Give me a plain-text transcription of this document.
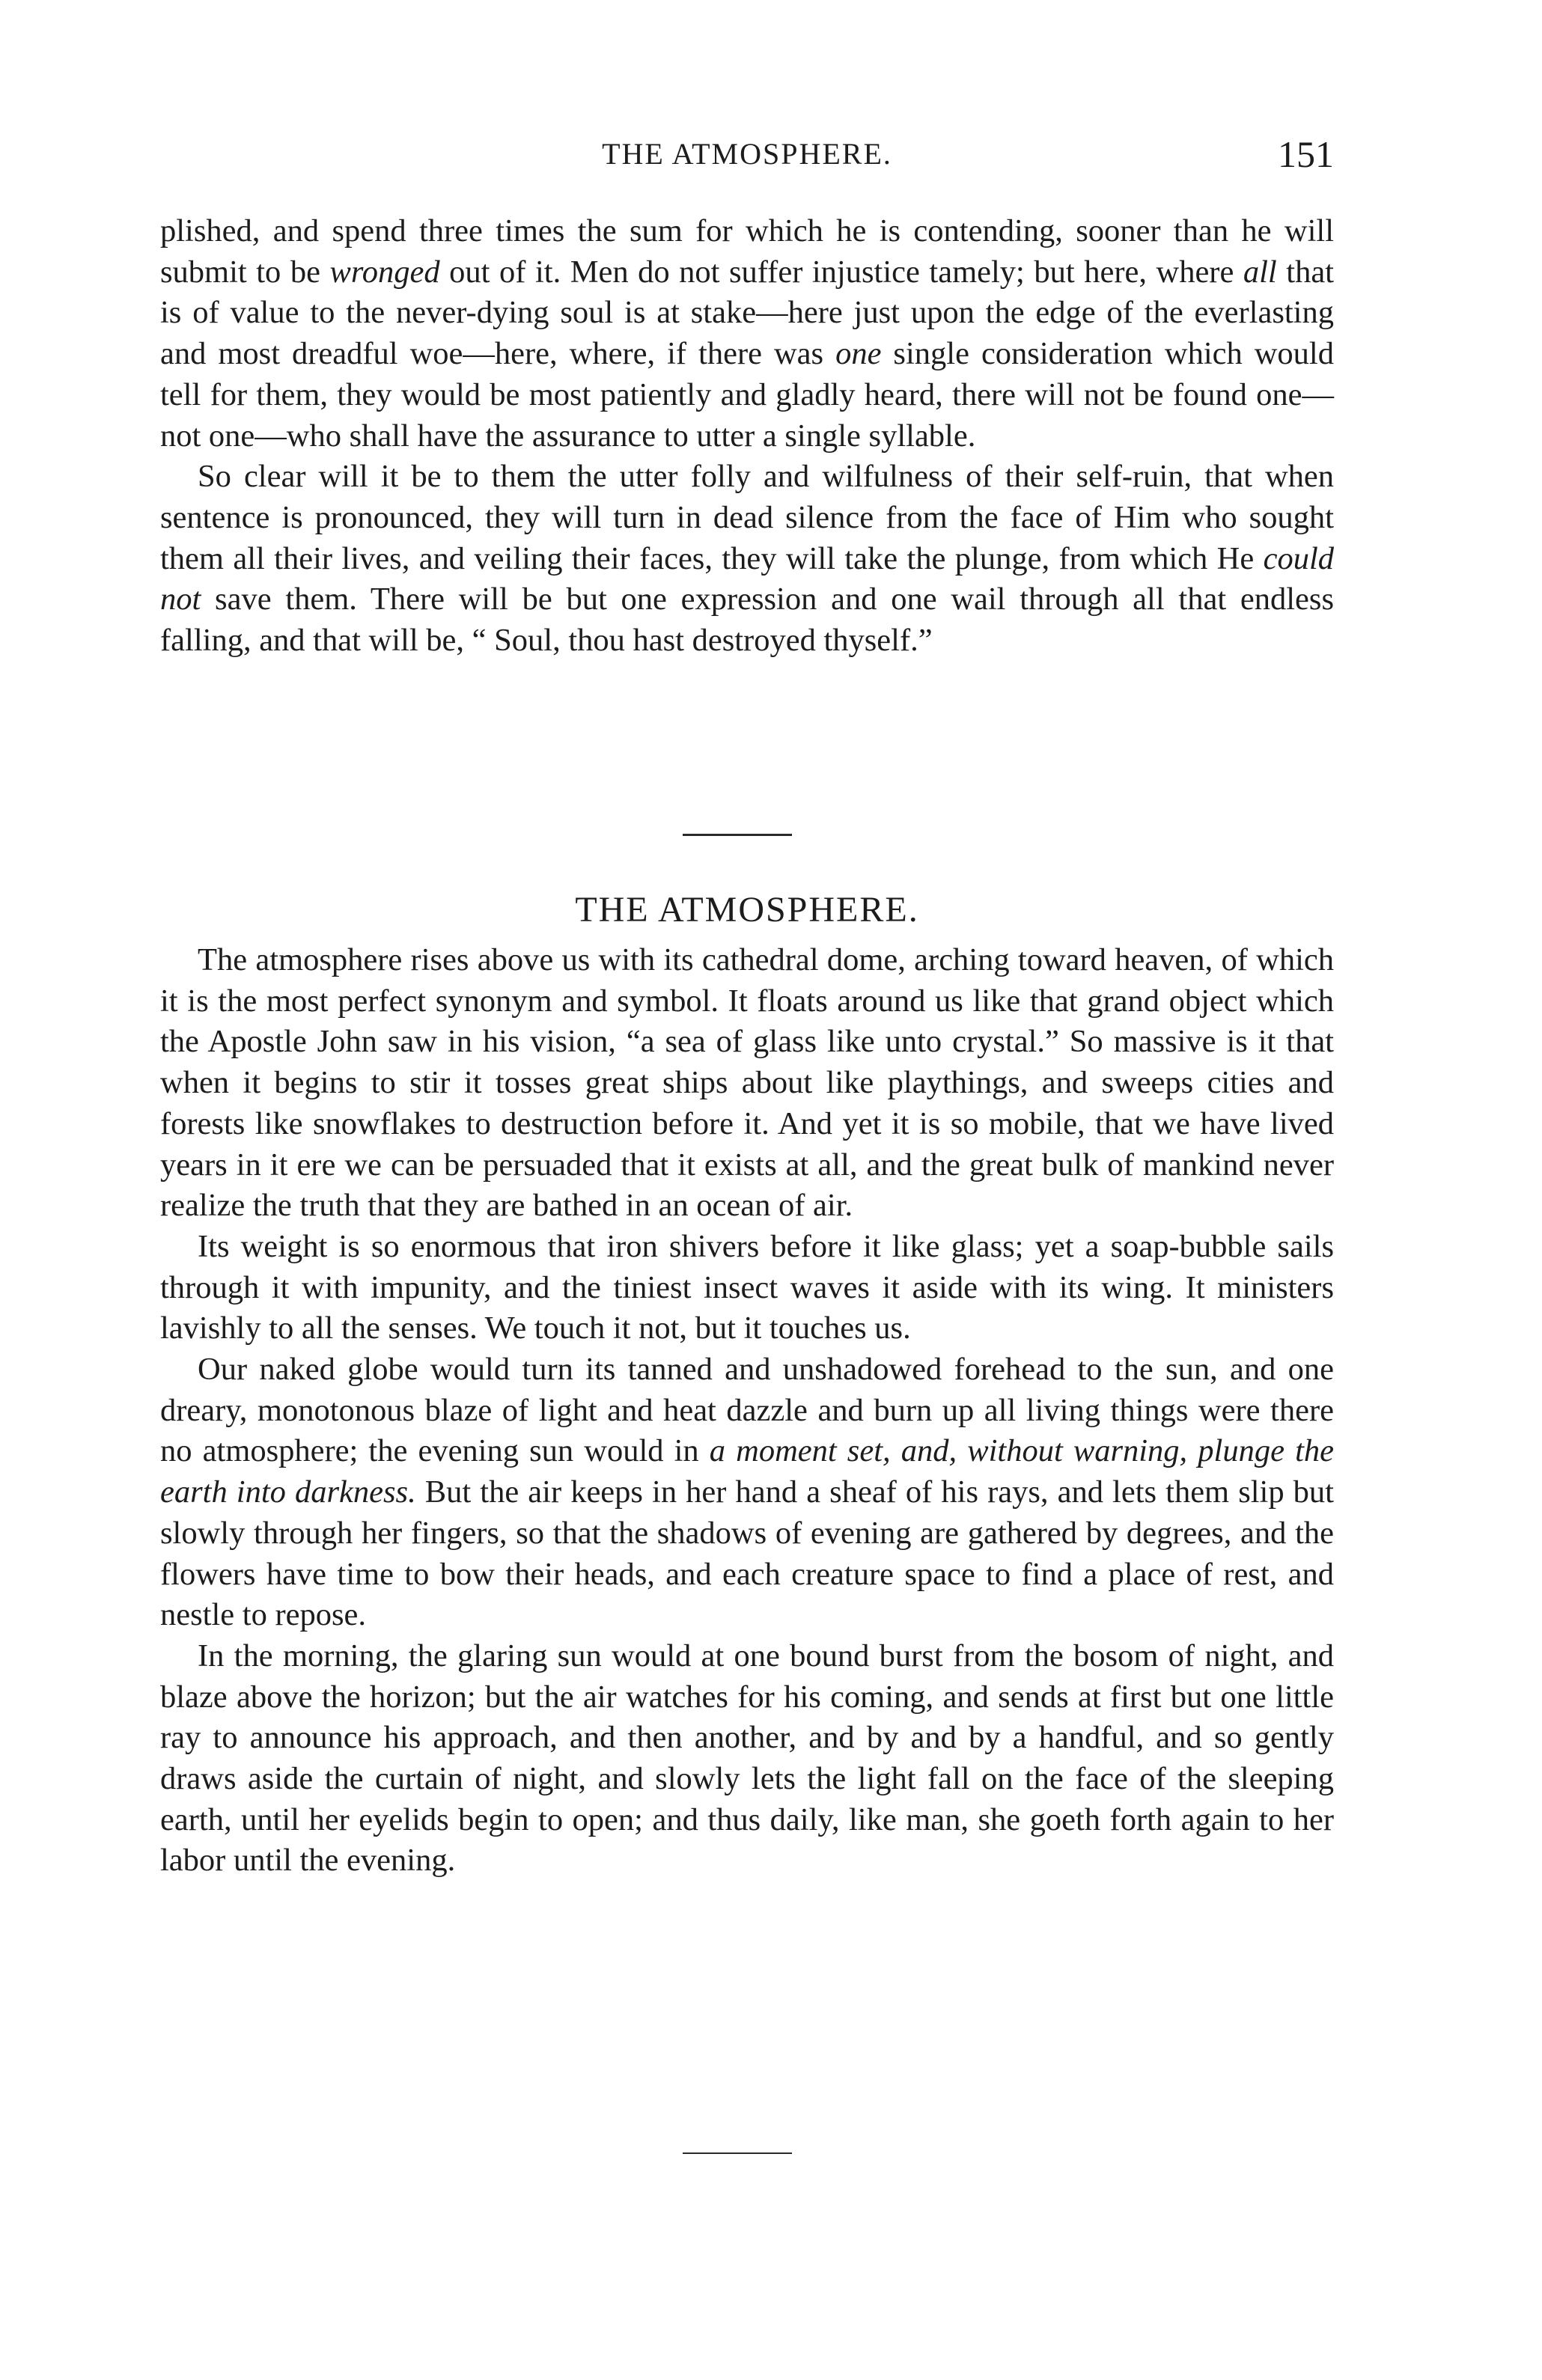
THE ATMOSPHERE.	151

plished, and spend three times the sum for which he is contending, sooner than he will submit to be wronged out of it. Men do not suffer injustice tamely; but here, where all that is of value to the never-dying soul is at stake—here just upon the edge of the everlasting and most dreadful woe—here, where, if there was one single consideration which would tell for them, they would be most patiently and gladly heard, there will not be found one—not one—who shall have the assurance to utter a single syllable.

So clear will it be to them the utter folly and wilfulness of their self-ruin, that when sentence is pronounced, they will turn in dead silence from the face of Him who sought them all their lives, and veiling their faces, they will take the plunge, from which He could not save them. There will be but one expression and one wail through all that endless falling, and that will be, “ Soul, thou hast destroyed thyself.”

THE ATMOSPHERE.

The atmosphere rises above us with its cathedral dome, arching toward heaven, of which it is the most perfect synonym and symbol. It floats around us like that grand object which the Apostle John saw in his vision, “a sea of glass like unto crystal.” So massive is it that when it begins to stir it tosses great ships about like playthings, and sweeps cities and forests like snowflakes to destruction before it. And yet it is so mobile, that we have lived years in it ere we can be persuaded that it exists at all, and the great bulk of mankind never realize the truth that they are bathed in an ocean of air.

Its weight is so enormous that iron shivers before it like glass; yet a soap-bubble sails through it with impunity, and the tiniest insect waves it aside with its wing. It ministers lavishly to all the senses. We touch it not, but it touches us.

Our naked globe would turn its tanned and unshadowed forehead to the sun, and one dreary, monotonous blaze of light and heat dazzle and burn up all living things were there no atmosphere; the evening sun would in a moment set, and, without warning, plunge the earth into darkness. But the air keeps in her hand a sheaf of his rays, and lets them slip but slowly through her fingers, so that the shadows of evening are gathered by degrees, and the flowers have time to bow their heads, and each creature space to find a place of rest, and nestle to repose.

In the morning, the glaring sun would at one bound burst from the bosom of night, and blaze above the horizon; but the air watches for his coming, and sends at first but one little ray to announce his approach, and then another, and by and by a handful, and so gently draws aside the curtain of night, and slowly lets the light fall on the face of the sleeping earth, until her eyelids begin to open; and thus daily, like man, she goeth forth again to her labor until the evening.
